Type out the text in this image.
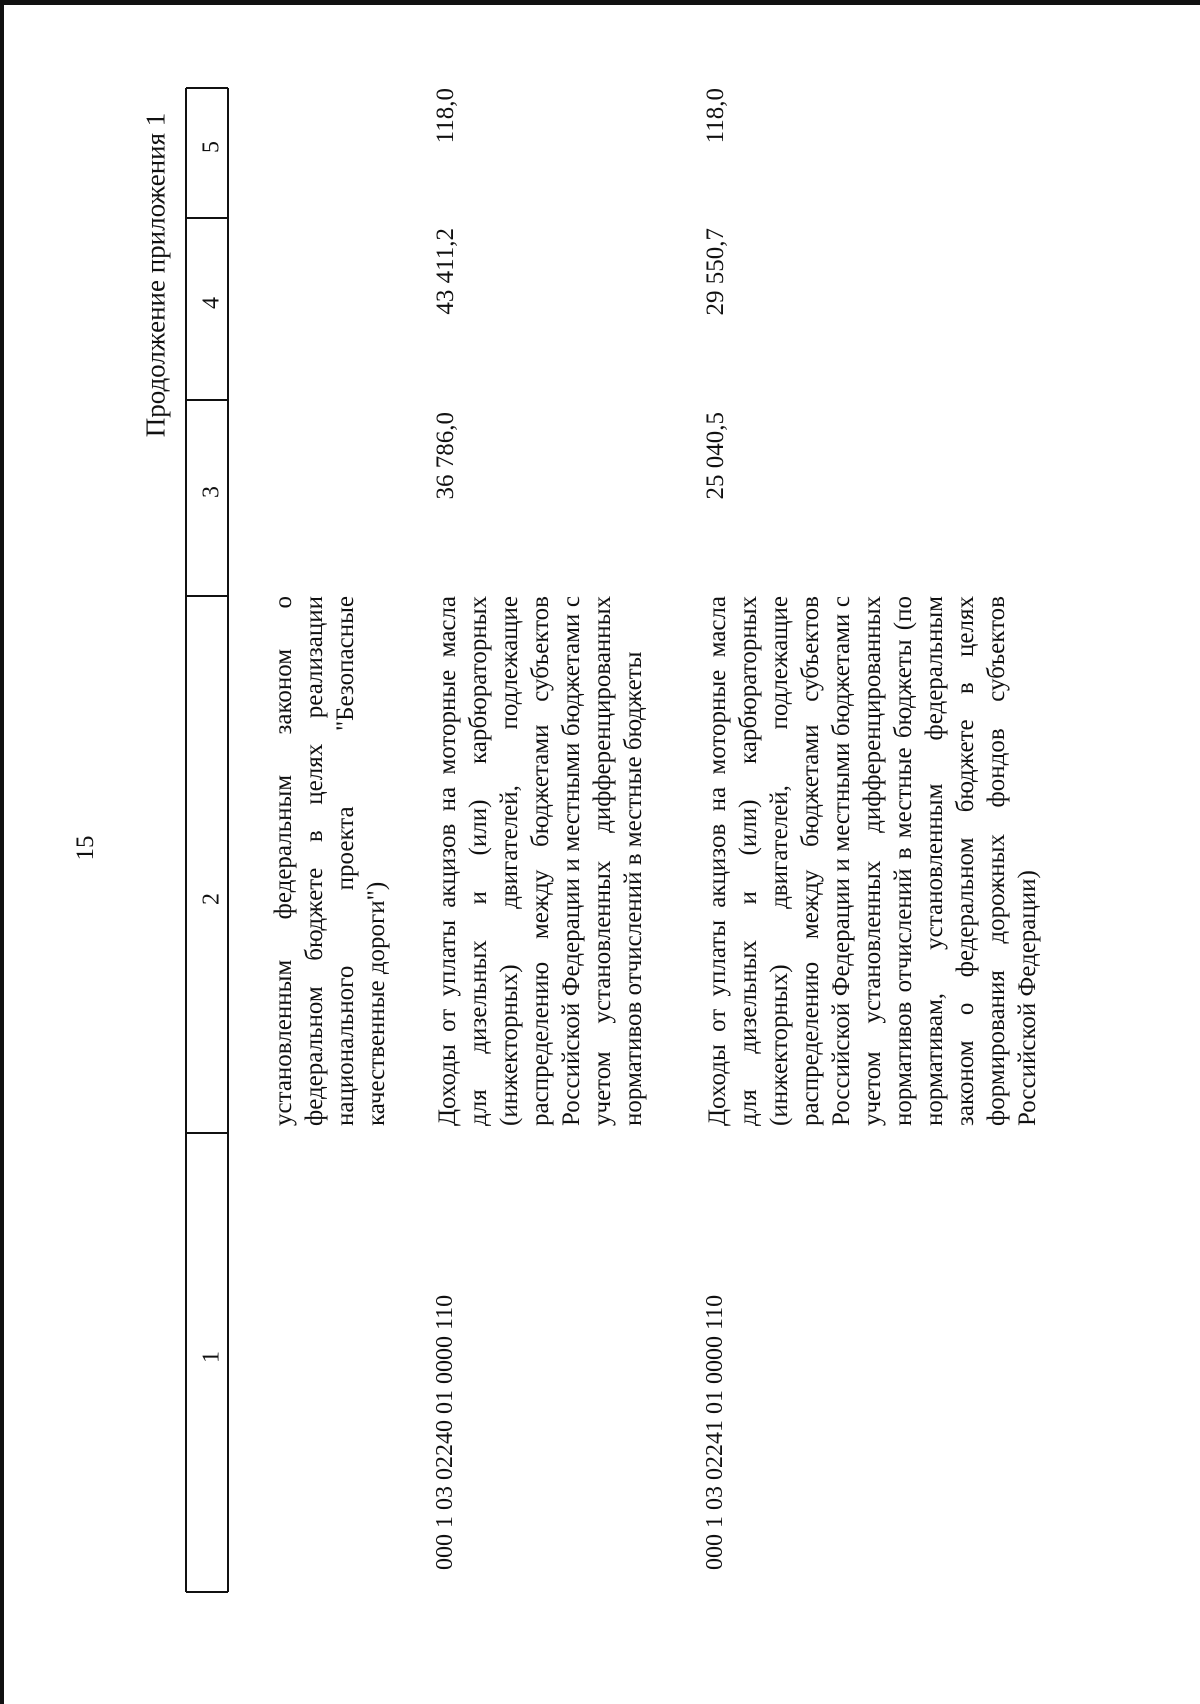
15
Продолжение приложения 1
1
2
3
4
5
установленным федеральным законом о федеральном бюджете в целях реализации национального проекта "Безопасные качественные дороги")
000 1 03 02240 01 0000 110
Доходы от уплаты акцизов на моторные масла для дизельных и (или) карбюраторных (инжекторных) двигателей, подлежащие распределению между бюджетами субъектов Российской Федерации и местными бюджетами с учетом установленных дифференцированных нормативов отчислений в местные бюджеты
36 786,0
43 411,2
118,0
000 1 03 02241 01 0000 110
Доходы от уплаты акцизов на моторные масла для дизельных и (или) карбюраторных (инжекторных) двигателей, подлежащие распределению между бюджетами субъектов Российской Федерации и местными бюджетами с учетом установленных дифференцированных нормативов отчислений в местные бюджеты (по нормативам, установленным федеральным законом о федеральном бюджете в целях формирования дорожных фондов субъектов Российской Федерации)
25 040,5
29 550,7
118,0
